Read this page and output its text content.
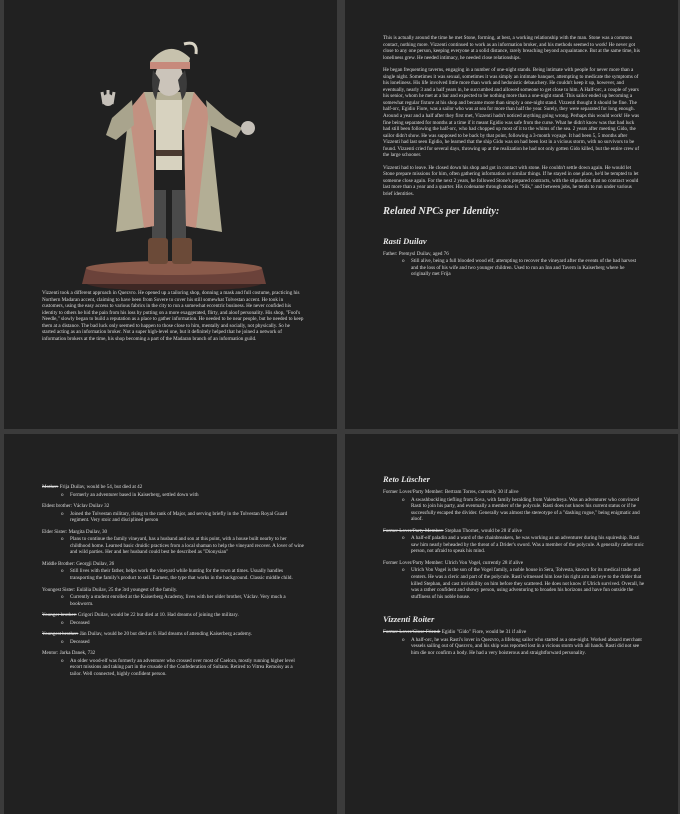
Vizzenti took a different approach in Quezvro. He opened up a tailoring shop, donning a mask and full costume, practicing his Northern Madaran accent, claiming to have been from Sovere to cover his still somewhat Tolvestan accent. He took in customers, using the easy access to various fabrics in the city to run a somewhat eccentric business. He never confided his identity to others he hid the pain from his loss by putting on a more exaggerated, flirty, and aloof personality. His shop, "Fool's Needle," slowly began to build a reputation as a place to gather information. He needed to be near people, but he needed to keep them at a distance. The bad luck only seemed to happen to those close to him, mentally and socially, not physically. So he started acting as an information broker. Not a super high-level one, but it definitely helped that he joined a network of information brokers at the time, his shop becoming a part of the Madaran branch of an information guild.

This is actually around the time he met Stone, forming, at best, a working relationship with the man. Stone was a common contact, nothing more. Vizzenti continued to work as an information broker, and his methods seemed to work! He never got close to any one person, keeping everyone at a solid distance, rarely breaching beyond acquaintance. But at the same time, his loneliness grew. He needed intimacy, he needed close relationships.

He began frequenting taverns, engaging in a number of one-night stands. Being intimate with people for never more than a single night. Sometimes it was sexual, sometimes it was simply an intimate banquet, attempting to medicate the symptoms of his loneliness. His life involved little more than work and hedonistic debauchery. He couldn't keep it up, however, and eventually, nearly 3 and a half years in, he succumbed and allowed someone to get close to him. A Half-orc, a couple of years his senior, whom he met at a bar and expected to be nothing more than a one-night stand. This sailor ended up becoming a somewhat regular fixture at his shop and became more than simply a one-night stand. Vizzenti thought it should be fine. The half-orc, Egidio Fiore, was a sailor who was at sea for more than half the year. Surely, they were separated for long enough. Around a year and a half after they first met, Vizzenti hadn't noticed anything going wrong. Perhaps this would work! He was fine being separated for months at a time if it meant Egidio was safe from the curse. What he didn't know was that bad luck had still been following the half-orc, who had chopped up most of it to the whims of the sea. 2 years after meeting Gido, the sailor didn't show. He was supposed to be back by that point, following a 3-month voyage. It had been 5, 5 months after Vizzenti had last seen Egidio, he learned that the ship Gido was on had been lost in a vicious storm, with no survivors to be found. Vizzenti cried for several days, throwing up at the realization he had not only gotten Gido killed, but the entire crew of the large schooner.

Vizzenti had to leave. He closed down his shop and got in contact with stone. He couldn't settle down again. He would let Stone prepare missions for him, often gathering information or similar things. If he stayed in one place, he'd be tempted to let someone close again. For the next 2 years, he followed Stone's prepared contracts, with the stipulation that no contract would last more than a year and a quarter. His codename through stone is "Silk," and between jobs, he tends to run under various brief identities.

Related NPCs per Identity:

Rasti Duilav

Father: Premysl Duilav, aged 76

o Still alive, being a full blooded wood elf, attempting to recover the vineyard after the events of the bad harvest and the loss of his wife and two younger children. Used to run an Inn and Tavern in Kaiserberg where he originally met Frija

Mother: Frija Duilav, would be 54, but died at 42

o Formerly an adventurer based in Kaiserberg, settled down with

Eldest brother: Václav Duilav 32

o Joined the Tolvestan military, rising to the rank of Major, and serving briefly in the Tolvestan Royal Guard regiment. Very stoic and disciplined person

Elder Sister: Margita Duilav, 30

o Plans to continue the family vineyard, has a husband and son at this point, with a house built nearby to her childhood home. Learned basic druidic practices from a local shaman to help the vineyard recover. A lover of wine and wild parties. Her and her husband could best be described as "Dionysian"

Middle Brother: Georgji Duilav, 26

o Still lives with their father, helps work the vineyard while hunting for the town at times. Usually handles transporting the family's product to sell. Earnest, the type that works in the background. Classic middle child.

Youngest Sister: Eulália Duilav, 25 the 3rd youngest of the family.

o Currently a student enrolled at the Kaiserberg Academy, lives with her older brother, Václav. Very much a bookworm.

Younger brother: Grigori Duilav, would be 22 but died at 10. Had dreams of joining the military.

o Deceased

Youngest brother: Ján Duilav, would be 20 but died at 8. Had dreams of attending Kaiserberg academy.

o Deceased

Mentor: Jarka Danek, 732

o An older wood-elf was formerly an adventurer who crossed over most of Caelora, mostly running higher level escort missions and taking part in the crusade of the Confederation of Sultans. Retired to Vitrea Remoisy as a tailor. Well connected, highly confident person.

Reto Lüscher

Former Lover/Party Member: Bertram Torres, currently 30 if alive

o A swashbuckling tiefling from Sova, with family heralding from Valendreya. Was an adventurer who convinced Rasti to join his party, and eventually a member of the polycule. Rasti does not know his current status or if he successfully escaped the divider. Generally was almost the stereotype of a "dashing rogue," being enigmatic and aloof.

Former Lover/Party Member: Stephan Thornet, would be 28 if alive

o A half-elf paladin and a ward of the chainbreakers, he was working as an adventurer during his squireship. Rasti saw him nearly beheaded by the threat of a Drider's sword. Was a member of the polycule. A generally rather stoic person, not afraid to speak his mind.

Former Lover/Party Member: Ulrich Von Vogel, currently 28 if alive

o Ulrich Von Vogel is the son of the Vogel family, a noble house in Sera, Tolvesta, known for its medical trade and centers. He was a cleric and part of the polycule. Rasti witnessed him lose his right arm and eye to the drider that killed Stephan, and cast invisibility on him before they scattered. He does not know if Ulrich survived. Overall, he was a rather confident and showy person, using adventuring to broaden his horizons and have fun outside the stuffiness of his noble house.

Vizzenti Roiter

Former Lover/Close Friend: Egidio "Gido" Fiore, would be 31 if alive

o A half-orc, he was Rasti's lover in Quezvro, a lifelong sailor who started as a one-night. Worked aboard merchant vessels sailing out of Quezvro, and his ship was reported lost in a vicious storm with all hands. Rasti did not see him die nor confirm a body. He had a very boisterous and straightforward personality.
